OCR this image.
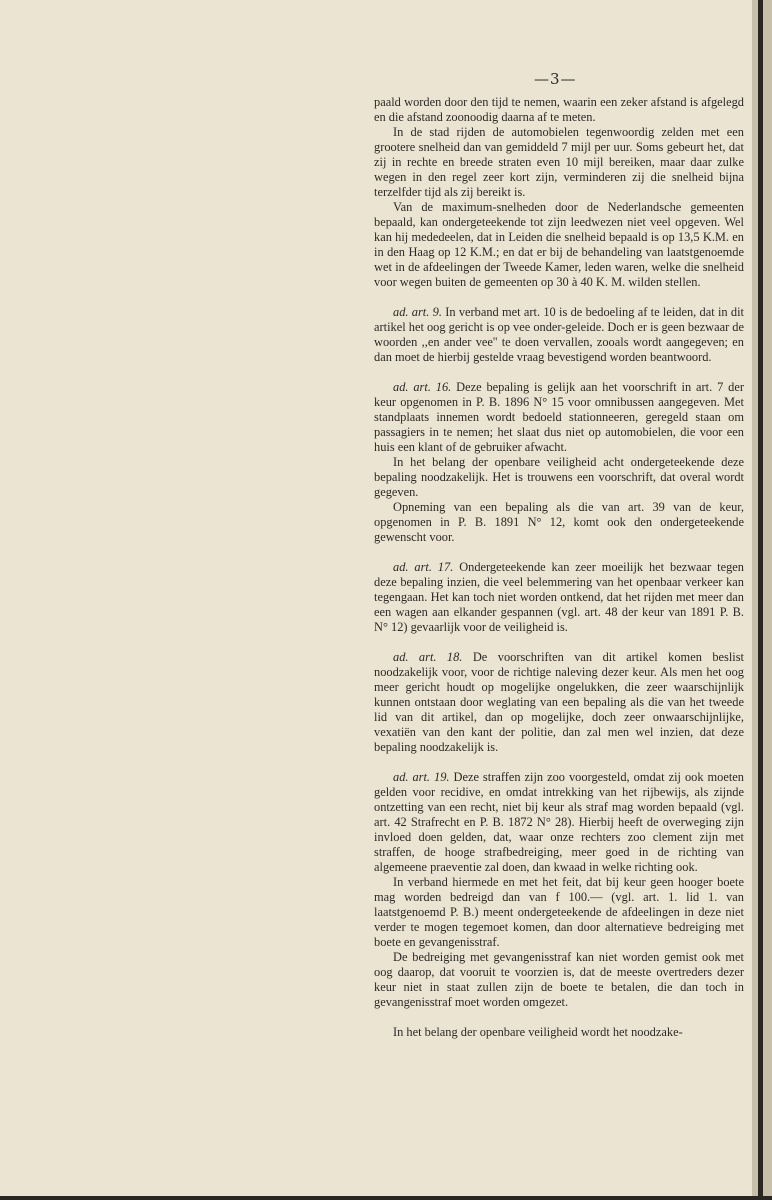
—3—

paald worden door den tijd te nemen, waarin een zeker afstand is afgelegd en die afstand zoonoodig daarna af te meten.

In de stad rijden de automobielen tegenwoordig zelden met een grootere snelheid dan van gemiddeld 7 mijl per uur. Soms gebeurt het, dat zij in rechte en breede straten even 10 mijl bereiken, maar daar zulke wegen in den regel zeer kort zijn, verminderen zij die snelheid bijna terzelfder tijd als zij bereikt is.

Van de maximum-snelheden door de Nederlandsche gemeenten bepaald, kan ondergeteekende tot zijn leedwezen niet veel opgeven. Wel kan hij mededeelen, dat in Leiden die snelheid bepaald is op 13,5 K.M. en in den Haag op 12 K.M.; en dat er bij de behandeling van laatstgenoemde wet in de afdeelingen der Tweede Kamer, leden waren, welke die snelheid voor wegen buiten de gemeenten op 30 à 40 K. M. wilden stellen.

ad. art. 9. In verband met art. 10 is de bedoeling af te leiden, dat in dit artikel het oog gericht is op vee onder-geleide. Doch er is geen bezwaar de woorden ,,en ander vee'' te doen vervallen, zooals wordt aangegeven; en dan moet de hierbij gestelde vraag bevestigend worden beantwoord.

ad. art. 16. Deze bepaling is gelijk aan het voorschrift in art. 7 der keur opgenomen in P. B. 1896 N° 15 voor omnibussen aangegeven. Met standplaats innemen wordt bedoeld stationneeren, geregeld staan om passagiers in te nemen; het slaat dus niet op automobielen, die voor een huis een klant of de gebruiker afwacht.

In het belang der openbare veiligheid acht ondergeteekende deze bepaling noodzakelijk. Het is trouwens een voorschrift, dat overal wordt gegeven.

Opneming van een bepaling als die van art. 39 van de keur, opgenomen in P. B. 1891 N° 12, komt ook den ondergeteekende gewenscht voor.

ad. art. 17. Ondergeteekende kan zeer moeilijk het bezwaar tegen deze bepaling inzien, die veel belemmering van het openbaar verkeer kan tegengaan. Het kan toch niet worden ontkend, dat het rijden met meer dan een wagen aan elkander gespannen (vgl. art. 48 der keur van 1891 P. B. N° 12) gevaarlijk voor de veiligheid is.

ad. art. 18. De voorschriften van dit artikel komen beslist noodzakelijk voor, voor de richtige naleving dezer keur. Als men het oog meer gericht houdt op mogelijke ongelukken, die zeer waarschijnlijk kunnen ontstaan door weglating van een bepaling als die van het tweede lid van dit artikel, dan op mogelijke, doch zeer onwaarschijnlijke, vexatiën van den kant der politie, dan zal men wel inzien, dat deze bepaling noodzakelijk is.

ad. art. 19. Deze straffen zijn zoo voorgesteld, omdat zij ook moeten gelden voor recidive, en omdat intrekking van het rijbewijs, als zijnde ontzetting van een recht, niet bij keur als straf mag worden bepaald (vgl. art. 42 Strafrecht en P. B. 1872 N° 28). Hierbij heeft de overweging zijn invloed doen gelden, dat, waar onze rechters zoo clement zijn met straffen, de hooge strafbedreiging, meer goed in de richting van algemeene praeventie zal doen, dan kwaad in welke richting ook.

In verband hiermede en met het feit, dat bij keur geen hooger boete mag worden bedreigd dan van f 100.— (vgl. art. 1. lid 1. van laatstgenoemd P. B.) meent ondergeteekende de afdeelingen in deze niet verder te mogen tegemoet komen, dan door alternatieve bedreiging met boete en gevangenisstraf.

De bedreiging met gevangenisstraf kan niet worden gemist ook met oog daarop, dat vooruit te voorzien is, dat de meeste overtreders dezer keur niet in staat zullen zijn de boete te betalen, die dan toch in gevangenisstraf moet worden omgezet.

In het belang der openbare veiligheid wordt het noodzake-
